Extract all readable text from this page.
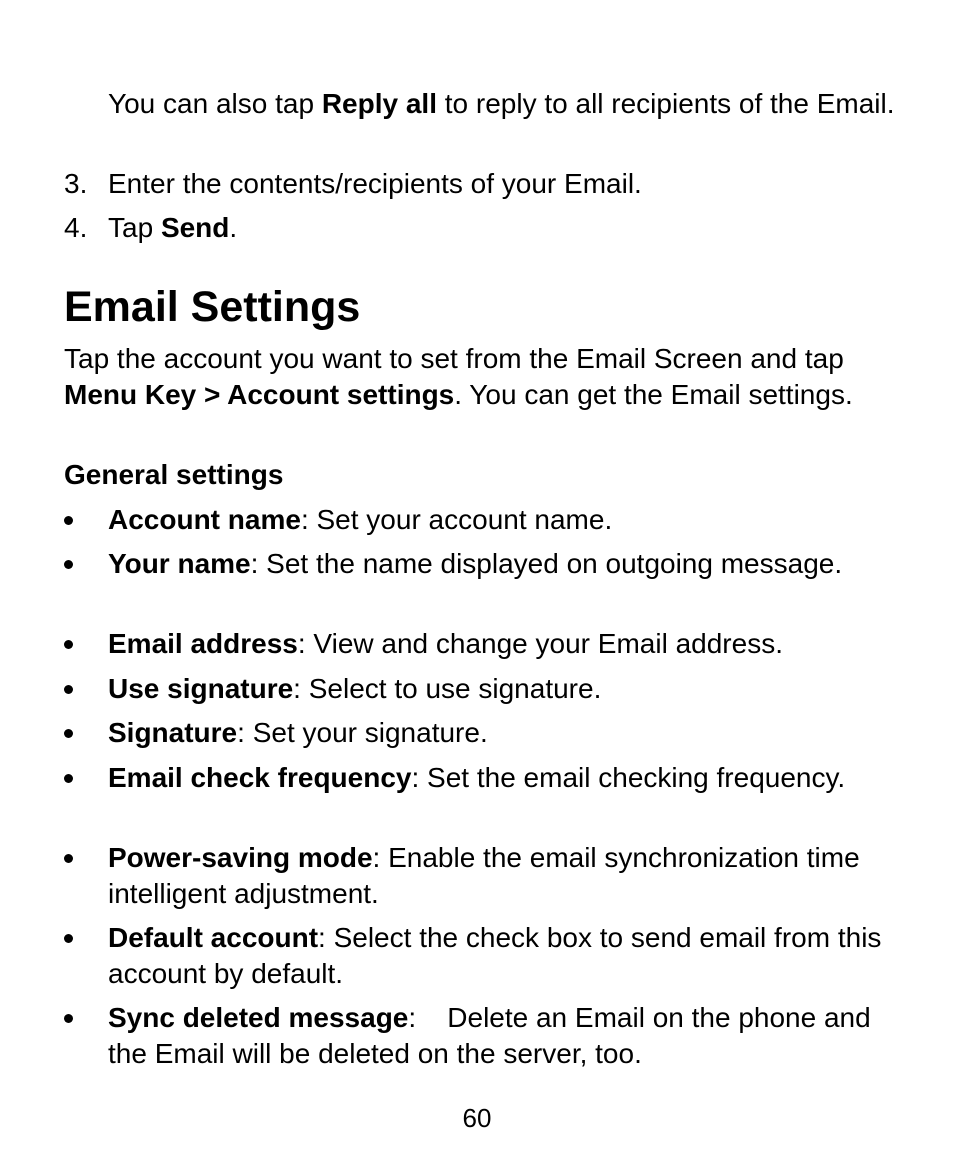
You can also tap Reply all to reply to all recipients of the Email.
3. Enter the contents/recipients of your Email.
4. Tap Send.
Email Settings
Tap the account you want to set from the Email Screen and tap Menu Key > Account settings. You can get the Email settings.
General settings
Account name: Set your account name.
Your name: Set the name displayed on outgoing message.
Email address: View and change your Email address.
Use signature: Select to use signature.
Signature: Set your signature.
Email check frequency: Set the email checking frequency.
Power-saving mode: Enable the email synchronization time intelligent adjustment.
Default account: Select the check box to send email from this account by default.
Sync deleted message:    Delete an Email on the phone and the Email will be deleted on the server, too.
60
